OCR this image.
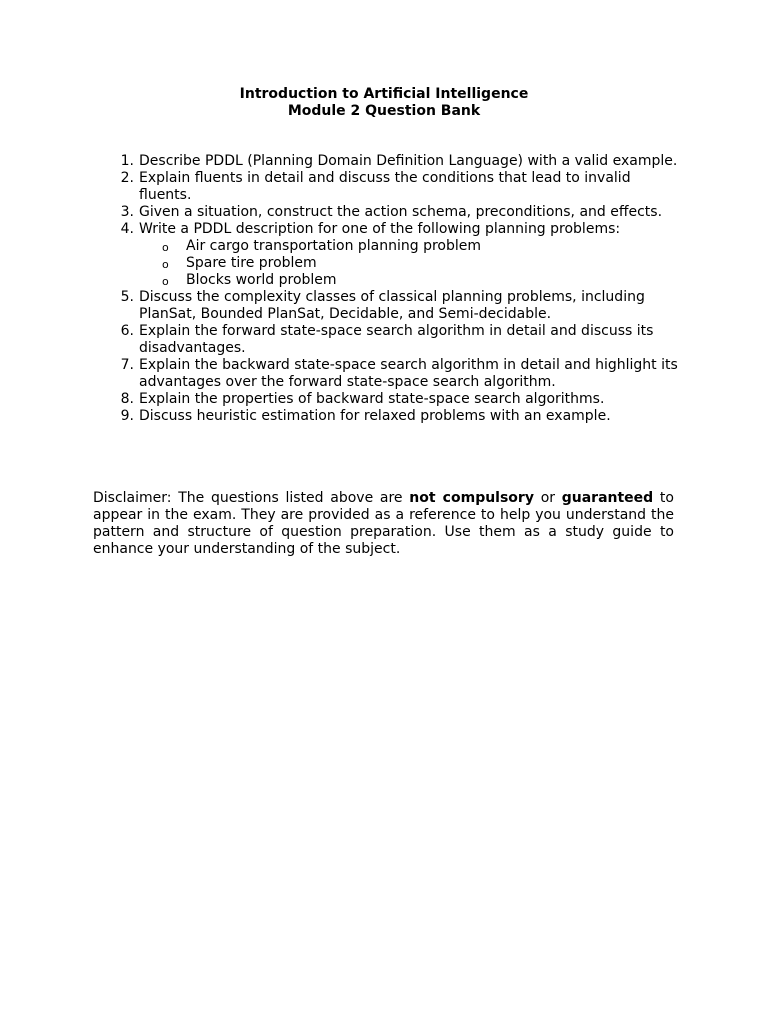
Introduction to Artificial Intelligence
Module 2 Question Bank
1. Describe PDDL (Planning Domain Definition Language) with a valid example.
2. Explain fluents in detail and discuss the conditions that lead to invalid fluents.
3. Given a situation, construct the action schema, preconditions, and effects.
4. Write a PDDL description for one of the following planning problems:
o Air cargo transportation planning problem
o Spare tire problem
o Blocks world problem
5. Discuss the complexity classes of classical planning problems, including PlanSat, Bounded PlanSat, Decidable, and Semi-decidable.
6. Explain the forward state-space search algorithm in detail and discuss its disadvantages.
7. Explain the backward state-space search algorithm in detail and highlight its advantages over the forward state-space search algorithm.
8. Explain the properties of backward state-space search algorithms.
9. Discuss heuristic estimation for relaxed problems with an example.
Disclaimer: The questions listed above are not compulsory or guaranteed to appear in the exam. They are provided as a reference to help you understand the pattern and structure of question preparation. Use them as a study guide to enhance your understanding of the subject.
